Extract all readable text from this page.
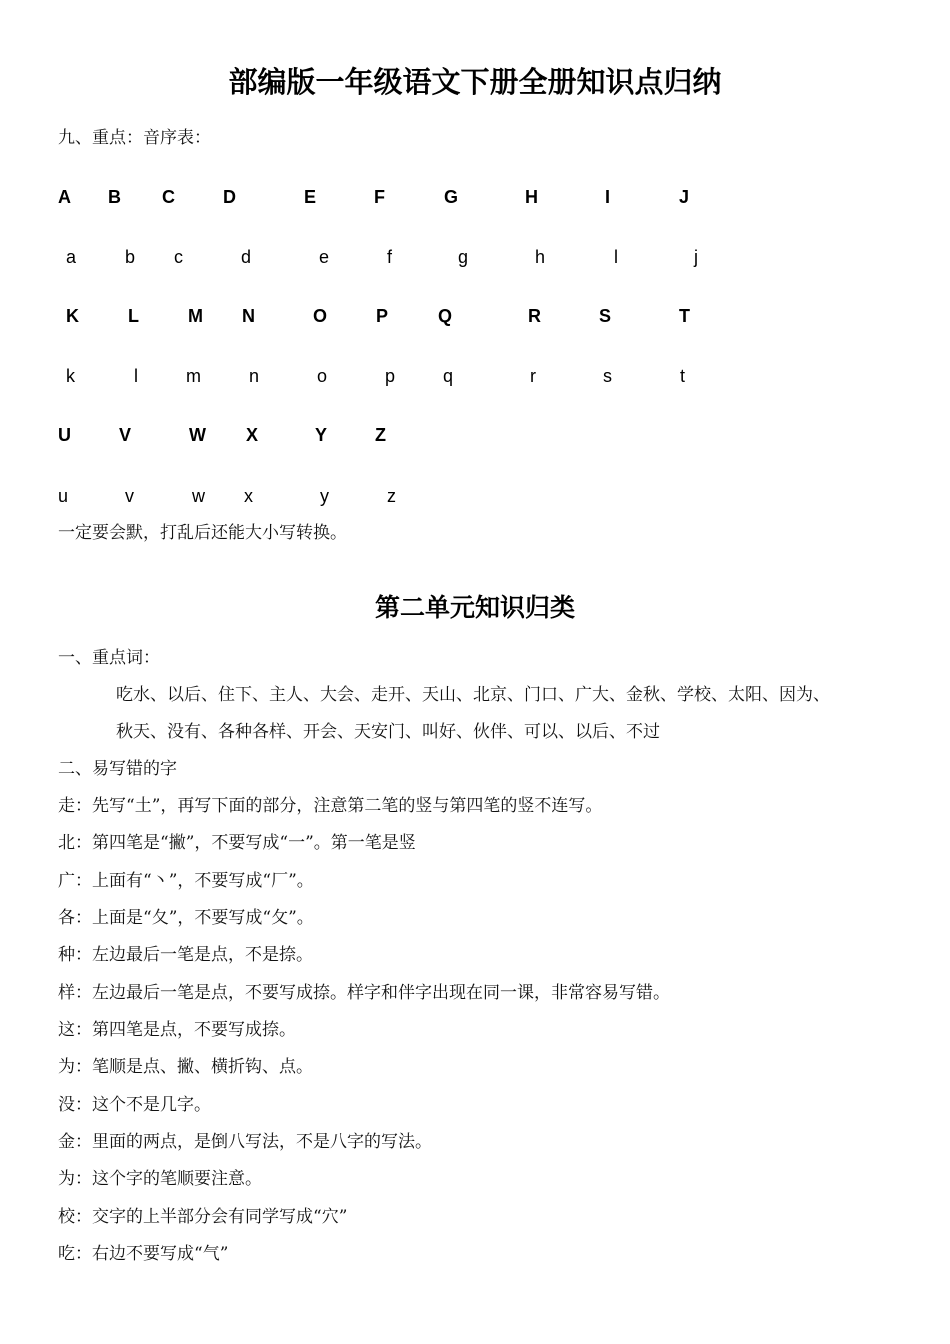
部编版一年级语文下册全册知识点归纳
九、重点：音序表：
A B C	D	E	F	G	H	I	J
a	b c	d	e	f	g	h	l	j
K	L	M N	O	P	Q	R	S	T
k	l	m	n	o	p	q	r	s	t
U	V	W X	Y	Z
u	v	w x	y	z
一定要会默，打乱后还能大小写转换。
第二单元知识归类
一、重点词：
吃水、以后、住下、主人、大会、走开、天山、北京、门口、广大、金秋、学校、太阳、因为、
秋天、没有、各种各样、开会、天安门、叫好、伙伴、可以、以后、不过
二、易写错的字
走：先写“土”，再写下面的部分，注意第二笔的竖与第四笔的竖不连写。
北：第四笔是“撇”，不要写成“一”。第一笔是竖
广：上面有“丶”，不要写成“厂”。
各：上面是“夂”，不要写成“攵”。
种：左边最后一笔是点，不是捺。
样：左边最后一笔是点，不要写成捺。样字和伴字出现在同一课，非常容易写错。
这：第四笔是点，不要写成捺。
为：笔顺是点、撇、横折钩、点。
没：这个不是几字。
金：里面的两点，是倒八写法，不是八字的写法。
为：这个字的笔顺要注意。
校：交字的上半部分会有同学写成“穴”
吃：右边不要写成“气”
